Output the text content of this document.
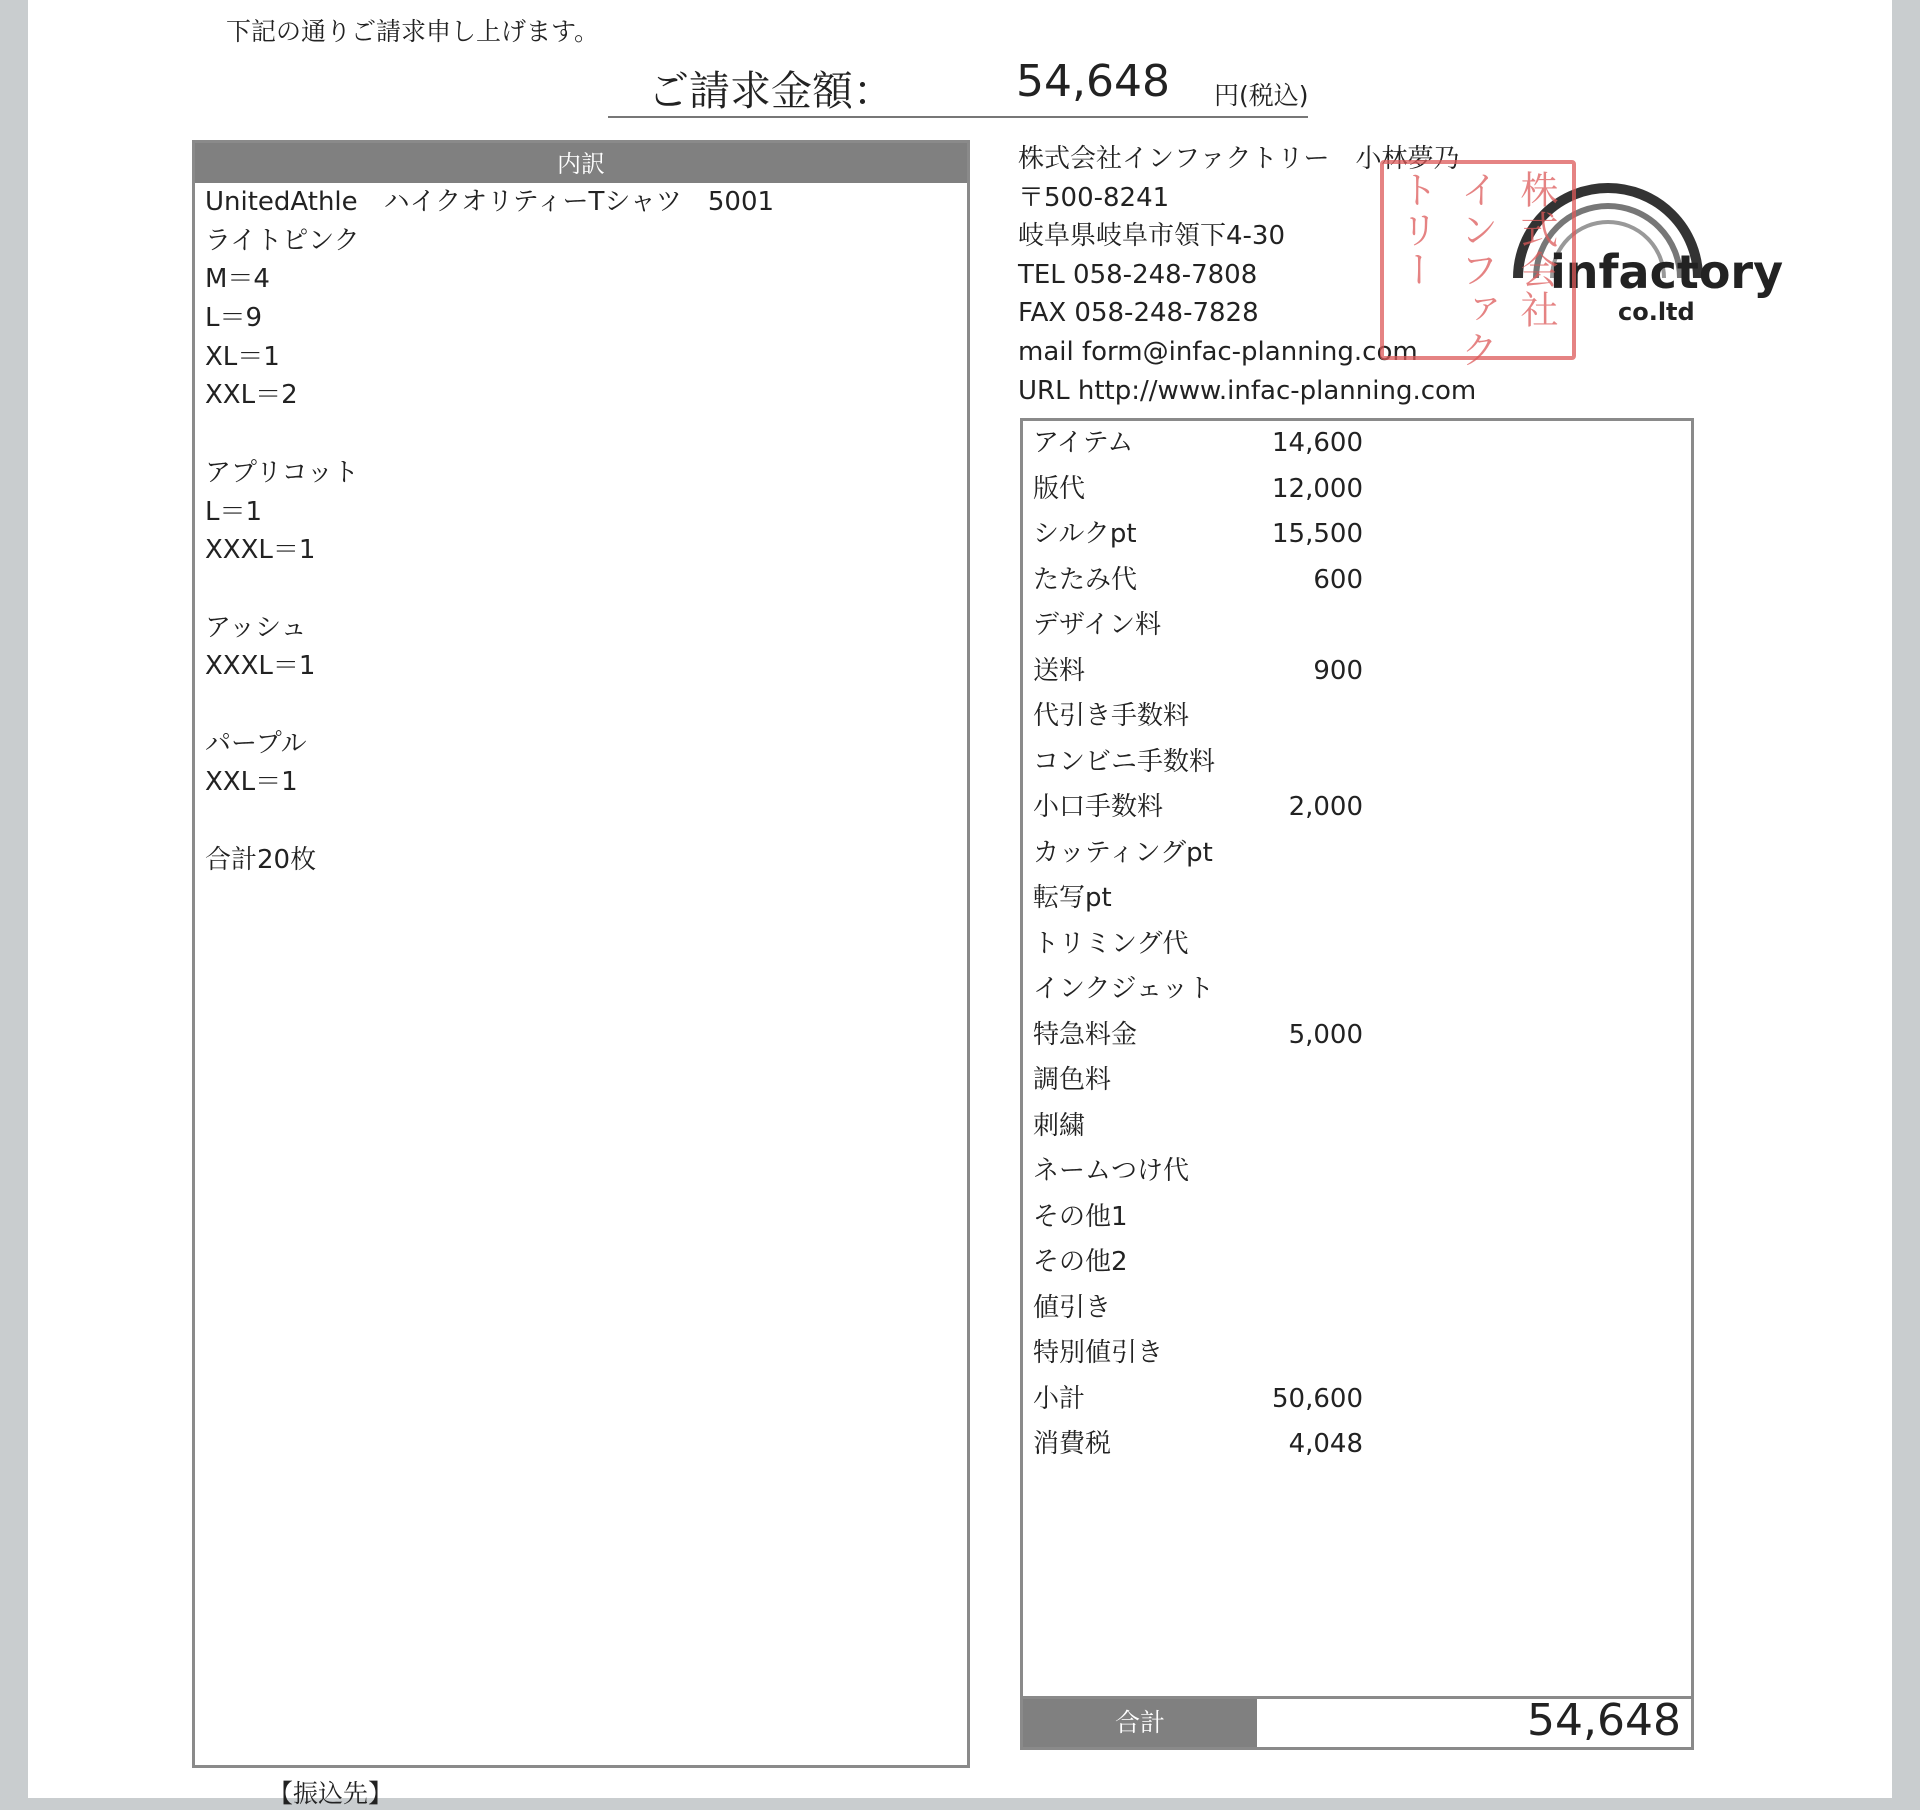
下記の通りご請求申し上げます。
ご請求金額：	54,648 円(税込)
内訳
UnitedAthle　ハイクオリティーTシャツ　5001
ライトピンク
M＝4
L＝9
XL＝1
XXL＝2
アプリコット
L＝1
XXXL＝1
アッシュ
XXXL＝1
パープル
XXL＝1
合計20枚
株式会社インファクトリー　小林夢乃
〒500-8241
岐阜県岐阜市領下4-30
TEL 058-248-7808
FAX 058-248-7828
mail form@infac-planning.com
URL http://www.infac-planning.com
infactory
co.ltd
株式会社
インファク
トリー
アイテム	14,600
版代	12,000
シルクpt	15,500
たたみ代	600
デザイン料
送料	900
代引き手数料
コンビニ手数料
小口手数料	2,000
カッティングpt
転写pt
トリミング代
インクジェット
特急料金	5,000
調色料
刺繍
ネームつけ代
その他1
その他2
値引き
特別値引き
小計	50,600
消費税	4,048
合計	54,648
【振込先】
